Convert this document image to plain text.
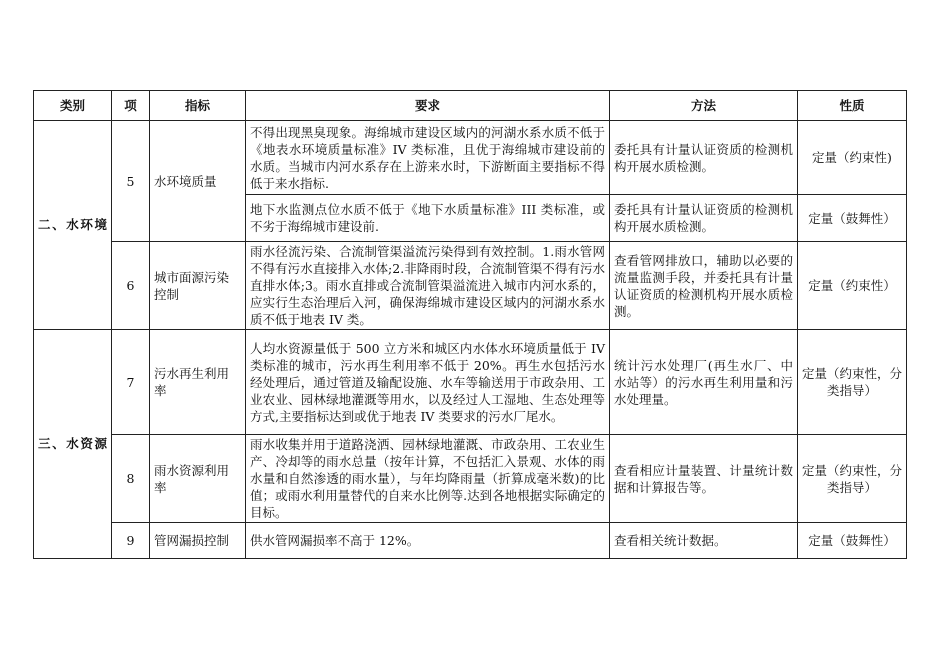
类别	项	指标	要求	方法	性质
二、水环境	5	水环境质量	不得出现黑臭现象。海绵城市建设区域内的河湖水系水质不低于《地表水环境质量标准》IV 类标准，且优于海绵城市建设前的水质。当城市内河水系存在上游来水时，下游断面主要指标不得低于来水指标.	委托具有计量认证资质的检测机构开展水质检测。	定量（约束性)
			地下水监测点位水质不低于《地下水质量标准》III 类标准，或不劣于海绵城市建设前.	委托具有计量认证资质的检测机构开展水质检测。	定量（鼓舞性）
	6	城市面源污染控制	雨水径流污染、合流制管渠溢流污染得到有效控制。1.雨水管网不得有污水直接排入水体;2.非降雨时段，合流制管渠不得有污水直排水体;3。雨水直排或合流制管渠溢流进入城市内河水系的，应实行生态治理后入河，确保海绵城市建设区域内的河湖水系水质不低于地表 IV 类。	查看管网排放口，辅助以必要的流量监测手段，并委托具有计量认证资质的检测机构开展水质检测。	定量（约束性）
三、水资源	7	污水再生利用率	人均水资源量低于 500 立方米和城区内水体水环境质量低于 IV 类标准的城市，污水再生利用率不低于 20%。再生水包括污水经处理后，通过管道及输配设施、水车等输送用于市政杂用、工业农业、园林绿地灌溉等用水，以及经过人工湿地、生态处理等方式,主要指标达到或优于地表 IV 类要求的污水厂尾水。	统计污水处理厂(再生水厂、中水站等）的污水再生利用量和污水处理量。	定量（约束性，分类指导）
	8	雨水资源利用率	雨水收集并用于道路浇洒、园林绿地灌溉、市政杂用、工农业生产、冷却等的雨水总量（按年计算，不包括汇入景观、水体的雨水量和自然渗透的雨水量），与年均降雨量（折算成毫米数)的比值；或雨水利用量替代的自来水比例等.达到各地根据实际确定的目标。	查看相应计量装置、计量统计数据和计算报告等。	定量（约束性，分类指导）
	9	管网漏损控制	供水管网漏损率不高于 12%。	查看相关统计数据。	定量（鼓舞性）
